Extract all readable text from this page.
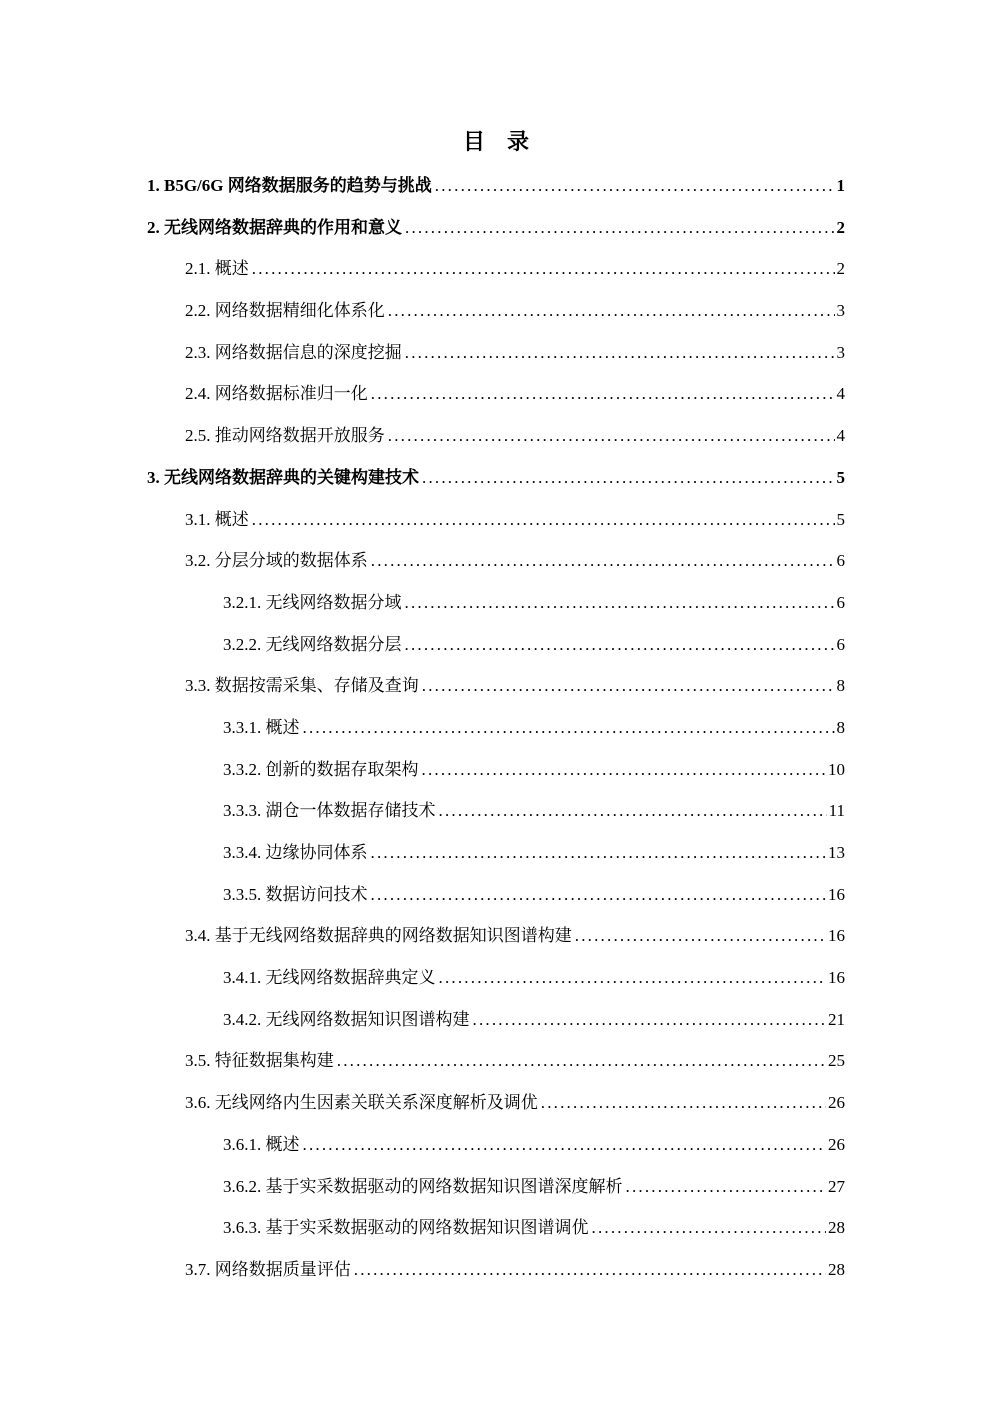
目　录
1. B5G/6G 网络数据服务的趋势与挑战 .....	1
2. 无线网络数据辞典的作用和意义 .....	2
2.1. 概述 .....	2
2.2. 网络数据精细化体系化 .....	3
2.3. 网络数据信息的深度挖掘 .....	3
2.4. 网络数据标准归一化 .....	4
2.5. 推动网络数据开放服务 .....	4
3. 无线网络数据辞典的关键构建技术 .....	5
3.1. 概述 .....	5
3.2. 分层分域的数据体系 .....	6
3.2.1. 无线网络数据分域 .....	6
3.2.2. 无线网络数据分层 .....	6
3.3. 数据按需采集、存储及查询 .....	8
3.3.1. 概述 .....	8
3.3.2. 创新的数据存取架构 .....	10
3.3.3. 湖仓一体数据存储技术 .....	11
3.3.4. 边缘协同体系 .....	13
3.3.5. 数据访问技术 .....	16
3.4. 基于无线网络数据辞典的网络数据知识图谱构建 .....	16
3.4.1. 无线网络数据辞典定义 .....	16
3.4.2. 无线网络数据知识图谱构建 .....	21
3.5. 特征数据集构建 .....	25
3.6. 无线网络内生因素关联关系深度解析及调优 .....	26
3.6.1. 概述 .....	26
3.6.2. 基于实采数据驱动的网络数据知识图谱深度解析 .....	27
3.6.3. 基于实采数据驱动的网络数据知识图谱调优 .....	28
3.7. 网络数据质量评估 .....	28
